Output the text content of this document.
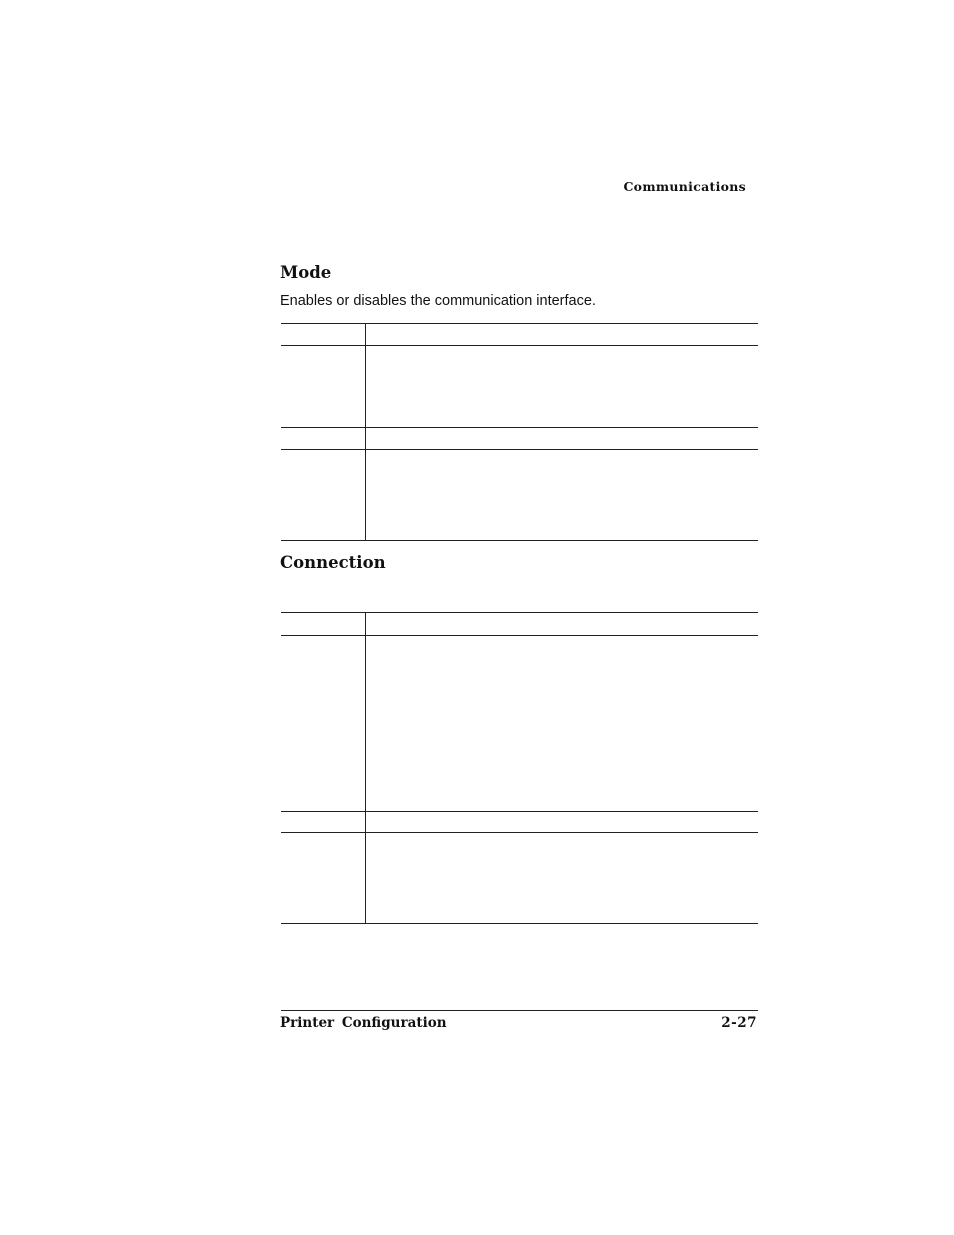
Communications
Mode
Enables or disables the communication interface.
Connection
Printer Configuration	2-27
